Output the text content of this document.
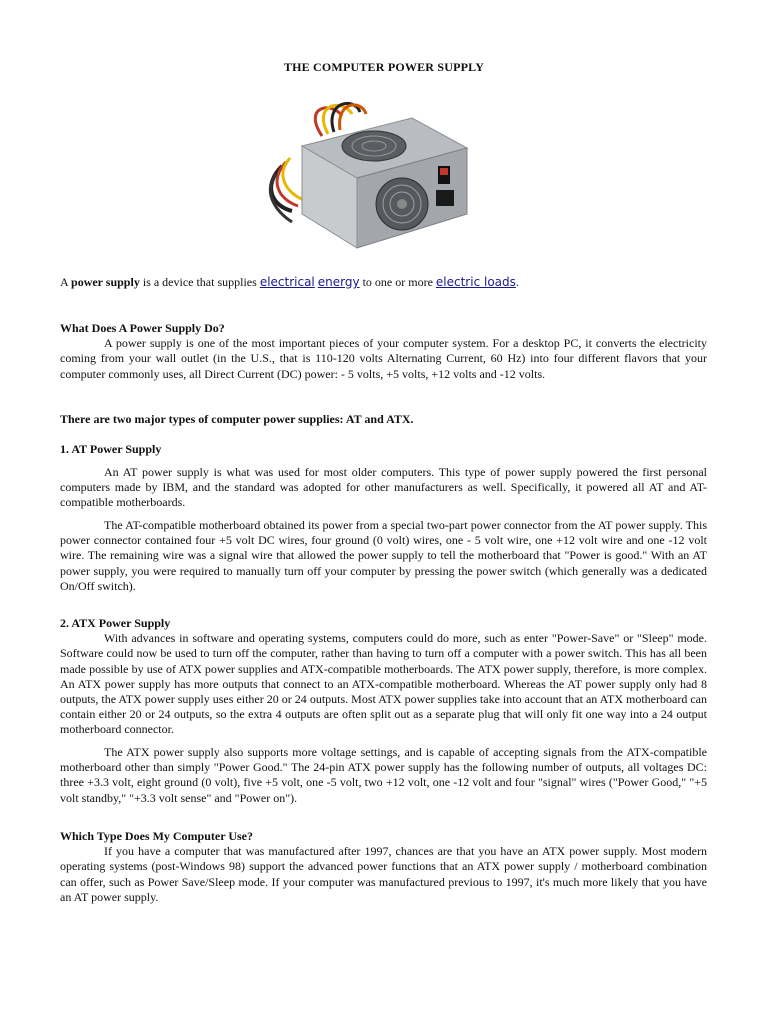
THE COMPUTER POWER SUPPLY

A power supply is a device that supplies electrical energy to one or more electric loads.

What Does A Power Supply Do?

A power supply is one of the most important pieces of your computer system. For a desktop PC, it converts the electricity coming from your wall outlet (in the U.S., that is 110-120 volts Alternating Current, 60 Hz) into four different flavors that your computer commonly uses, all Direct Current (DC) power: - 5 volts, +5 volts, +12 volts and -12 volts.

There are two major types of computer power supplies: AT and ATX.
1. AT Power Supply

An AT power supply is what was used for most older computers. This type of power supply powered the first personal computers made by IBM, and the standard was adopted for other manufacturers as well. Specifically, it powered all AT and AT-compatible motherboards.

The AT-compatible motherboard obtained its power from a special two-part power connector from the AT power supply. This power connector contained four +5 volt DC wires, four ground (0 volt) wires, one - 5 volt wire, one +12 volt wire and one -12 volt wire. The remaining wire was a signal wire that allowed the power supply to tell the motherboard that "Power is good." With an AT power supply, you were required to manually turn off your computer by pressing the power switch (which generally was a dedicated On/Off switch).

2. ATX Power Supply

With advances in software and operating systems, computers could do more, such as enter "Power-Save" or "Sleep" mode. Software could now be used to turn off the computer, rather than having to turn off a computer with a power switch. This has all been made possible by use of ATX power supplies and ATX-compatible motherboards. The ATX power supply, therefore, is more complex. An ATX power supply has more outputs that connect to an ATX-compatible motherboard. Whereas the AT power supply only had 8 outputs, the ATX power supply uses either 20 or 24 outputs. Most ATX power supplies take into account that an ATX motherboard can contain either 20 or 24 outputs, so the extra 4 outputs are often split out as a separate plug that will only fit one way into a 24 output motherboard connector.

The ATX power supply also supports more voltage settings, and is capable of accepting signals from the ATX-compatible motherboard other than simply "Power Good." The 24-pin ATX power supply has the following number of outputs, all voltages DC: three +3.3 volt, eight ground (0 volt), five +5 volt, one -5 volt, two +12 volt, one -12 volt and four "signal" wires ("Power Good," "+5 volt standby," "+3.3 volt sense" and "Power on").

Which Type Does My Computer Use?

If you have a computer that was manufactured after 1997, chances are that you have an ATX power supply. Most modern operating systems (post-Windows 98) support the advanced power functions that an ATX power supply / motherboard combination can offer, such as Power Save/Sleep mode. If your computer was manufactured previous to 1997, it's much more likely that you have an AT power supply.
